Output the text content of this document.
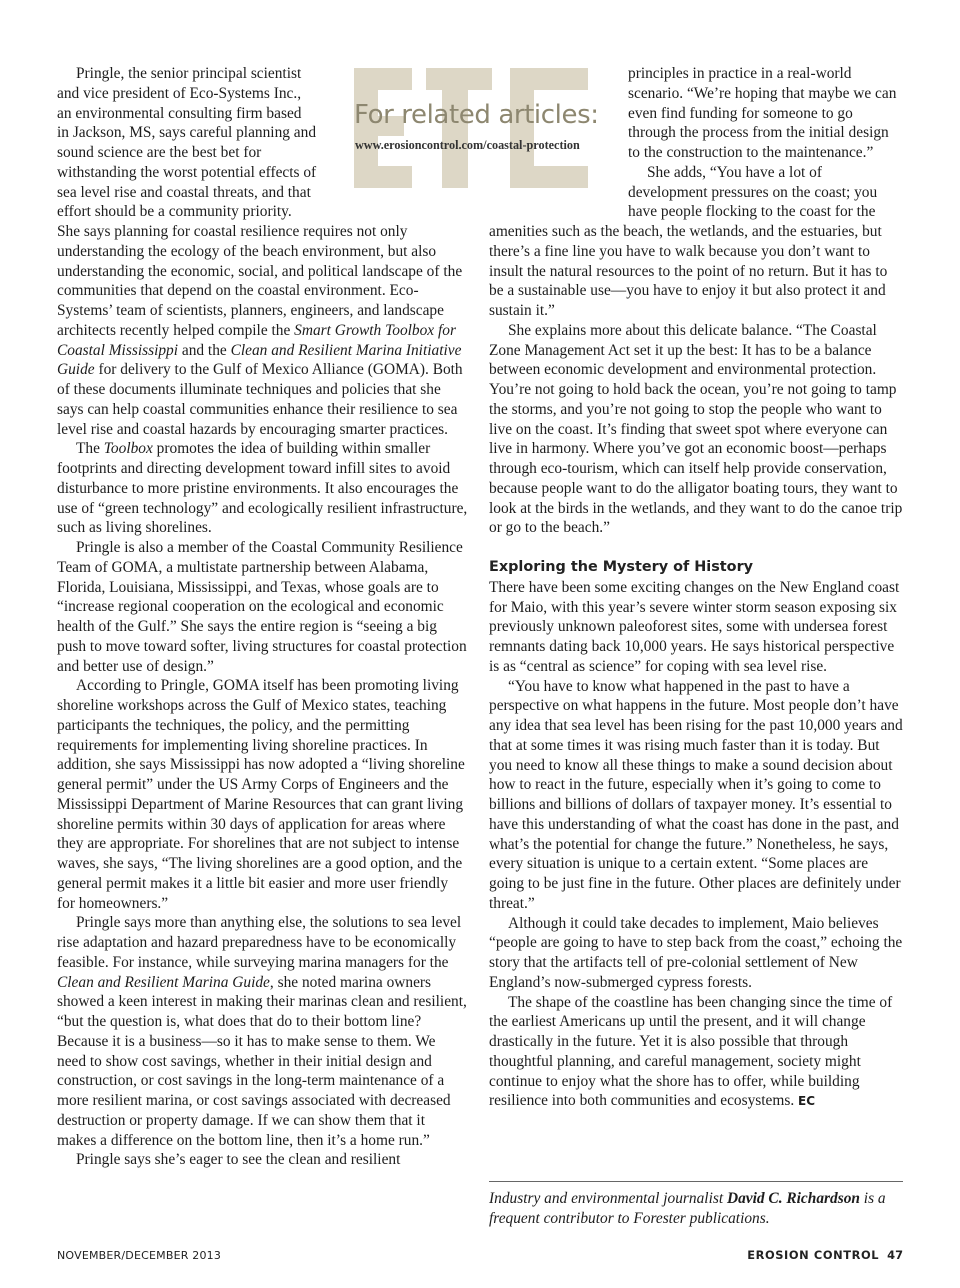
For related articles:
www.erosioncontrol.com/coastal-protection

Pringle, the senior principal scientist and vice president of Eco-Systems Inc., an environmental consulting firm based in Jackson, MS, says careful planning and sound science are the best bet for withstanding the worst potential effects of sea level rise and coastal threats, and that effort should be a community priority. She says planning for coastal resilience requires not only understanding the ecology of the beach environment, but also understanding the economic, social, and political landscape of the communities that depend on the coastal environment. Eco-Systems’ team of scientists, planners, engineers, and landscape architects recently helped compile the Smart Growth Toolbox for Coastal Mississippi and the Clean and Resilient Marina Initiative Guide for delivery to the Gulf of Mexico Alliance (GOMA). Both of these documents illuminate techniques and policies that she says can help coastal communities enhance their resilience to sea level rise and coastal hazards by encouraging smarter practices.

The Toolbox promotes the idea of building within smaller footprints and directing development toward infill sites to avoid disturbance to more pristine environments. It also encourages the use of “green technology” and ecologically resilient infrastructure, such as living shorelines.

Pringle is also a member of the Coastal Community Resilience Team of GOMA, a multistate partnership between Alabama, Florida, Louisiana, Mississippi, and Texas, whose goals are to “increase regional cooperation on the ecological and economic health of the Gulf.” She says the entire region is “seeing a big push to move toward softer, living structures for coastal protection and better use of design.”

According to Pringle, GOMA itself has been promoting living shoreline workshops across the Gulf of Mexico states, teaching participants the techniques, the policy, and the permitting requirements for implementing living shoreline practices. In addition, she says Mississippi has now adopted a “living shoreline general permit” under the US Army Corps of Engineers and the Mississippi Department of Marine Resources that can grant living shoreline permits within 30 days of application for areas where they are appropriate. For shorelines that are not subject to intense waves, she says, “The living shorelines are a good option, and the general permit makes it a little bit easier and more user friendly for homeowners.”

Pringle says more than anything else, the solutions to sea level rise adaptation and hazard preparedness have to be economically feasible. For instance, while surveying marina managers for the Clean and Resilient Marina Guide, she noted marina owners showed a keen interest in making their marinas clean and resilient, “but the question is, what does that do to their bottom line? Because it is a business—so it has to make sense to them. We need to show cost savings, whether in their initial design and construction, or cost savings in the long-term maintenance of a more resilient marina, or cost savings associated with decreased destruction or property damage. If we can show them that it makes a difference on the bottom line, then it’s a home run.”

Pringle says she’s eager to see the clean and resilient

principles in practice in a real-world scenario. “We’re hoping that maybe we can even find funding for someone to go through the process from the initial design to the construction to the maintenance.”

She adds, “You have a lot of development pressures on the coast; you have people flocking to the coast for the amenities such as the beach, the wetlands, and the estuaries, but there’s a fine line you have to walk because you don’t want to insult the natural resources to the point of no return. But it has to be a sustainable use—you have to enjoy it but also protect it and sustain it.”

She explains more about this delicate balance. “The Coastal Zone Management Act set it up the best: It has to be a balance between economic development and environmental protection. You’re not going to hold back the ocean, you’re not going to tamp the storms, and you’re not going to stop the people who want to live on the coast. It’s finding that sweet spot where everyone can live in harmony. Where you’ve got an economic boost—perhaps through eco-tourism, which can itself help provide conservation, because people want to do the alligator boating tours, they want to look at the birds in the wetlands, and they want to do the canoe trip or go to the beach.”

Exploring the Mystery of History

There have been some exciting changes on the New England coast for Maio, with this year’s severe winter storm season exposing six previously unknown paleoforest sites, some with undersea forest remnants dating back 10,000 years. He says historical perspective is as “central as science” for coping with sea level rise.

“You have to know what happened in the past to have a perspective on what happens in the future. Most people don’t have any idea that sea level has been rising for the past 10,000 years and that at some times it was rising much faster than it is today. But you need to know all these things to make a sound decision about how to react in the future, especially when it’s going to come to billions and billions of dollars of taxpayer money. It’s essential to have this understanding of what the coast has done in the past, and what’s the potential for change the future.” Nonetheless, he says, every situation is unique to a certain extent. “Some places are going to be just fine in the future. Other places are definitely under threat.”

Although it could take decades to implement, Maio believes “people are going to have to step back from the coast,” echoing the story that the artifacts tell of pre-colonial settlement of New England’s now-submerged cypress forests.

The shape of the coastline has been changing since the time of the earliest Americans up until the present, and it will change drastically in the future. Yet it is also possible that through thoughtful planning, and careful management, society might continue to enjoy what the shore has to offer, while building resilience into both communities and ecosystems. EC

Industry and environmental journalist David C. Richardson is a frequent contributor to Forester publications.
NOVEMBER/DECEMBER 2013	EROSION CONTROL 47
